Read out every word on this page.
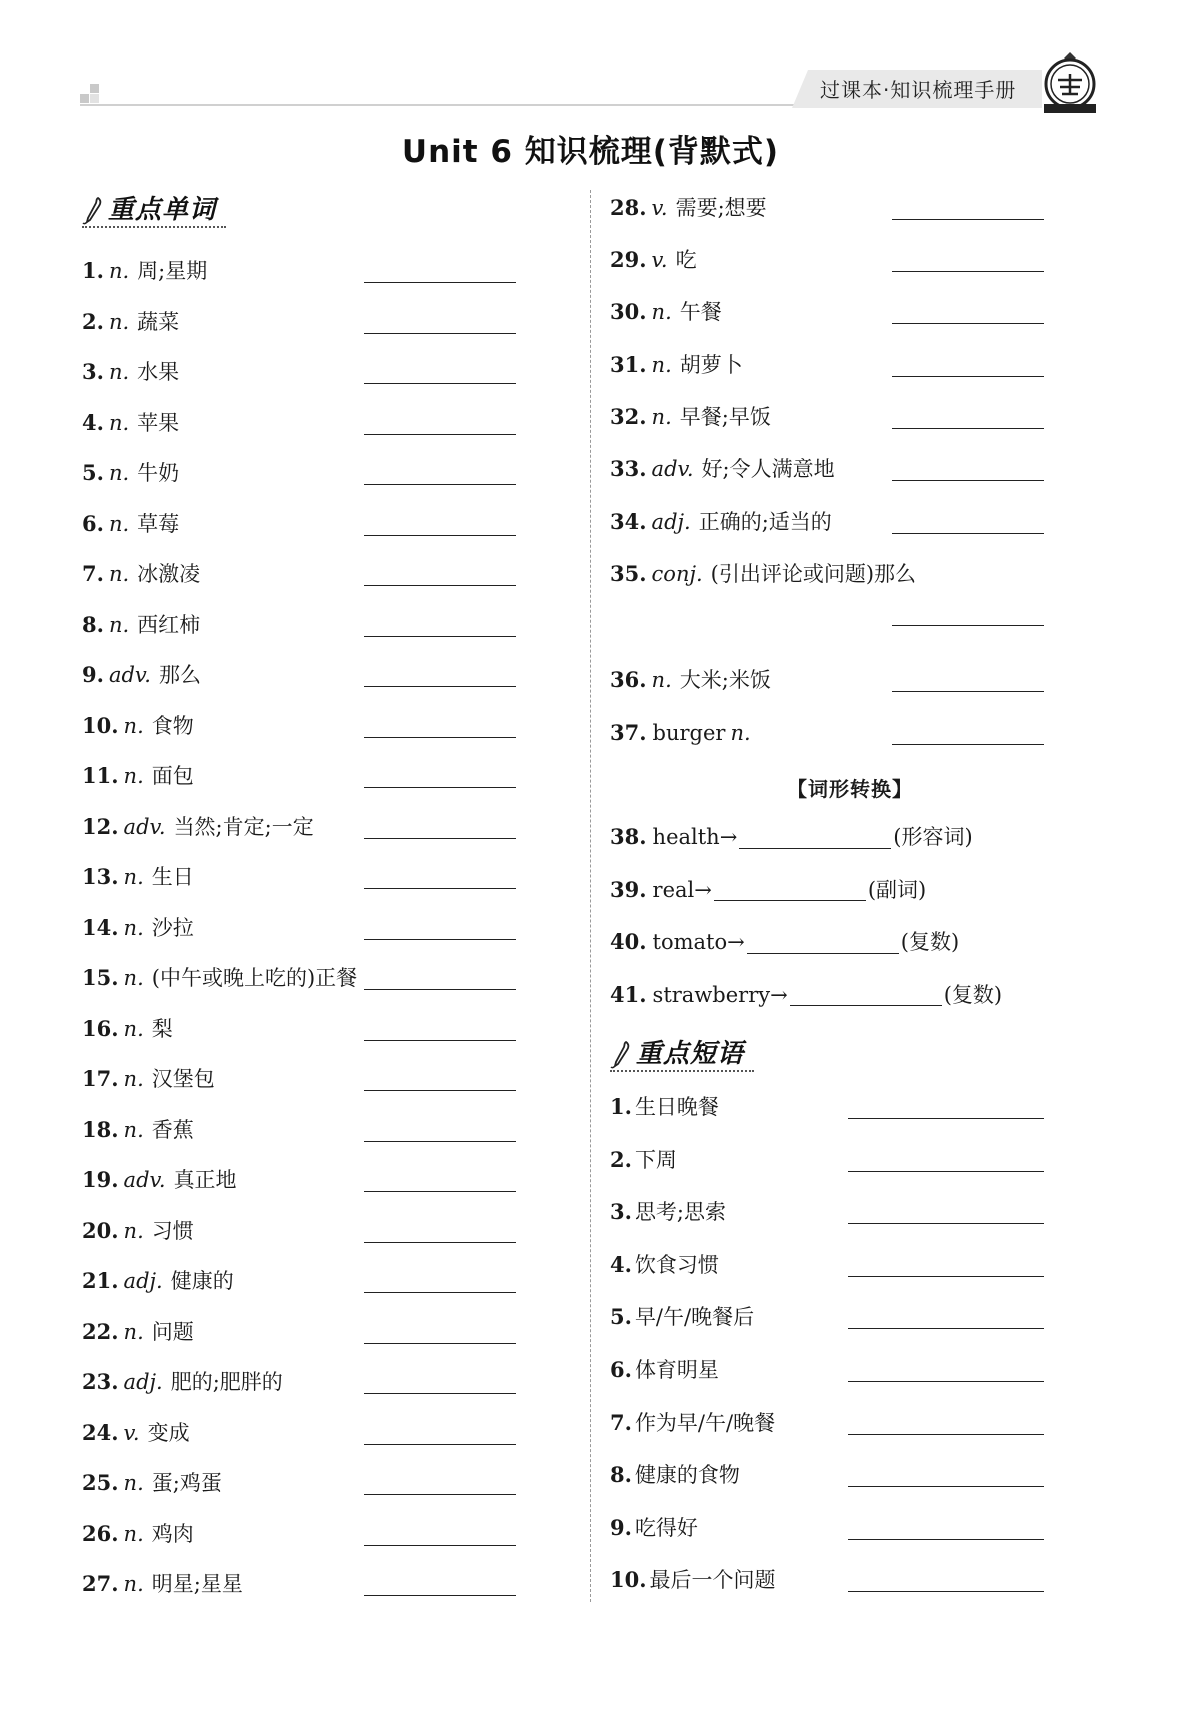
过课本·知识梳理手册
Unit 6 知识梳理(背默式)
重点单词
1. n. 周;星期
2. n. 蔬菜
3. n. 水果
4. n. 苹果
5. n. 牛奶
6. n. 草莓
7. n. 冰激凌
8. n. 西红柿
9. adv. 那么
10. n. 食物
11. n. 面包
12. adv. 当然;肯定;一定
13. n. 生日
14. n. 沙拉
15. n. (中午或晚上吃的)正餐
16. n. 梨
17. n. 汉堡包
18. n. 香蕉
19. adv. 真正地
20. n. 习惯
21. adj. 健康的
22. n. 问题
23. adj. 肥的;肥胖的
24. v. 变成
25. n. 蛋;鸡蛋
26. n. 鸡肉
27. n. 明星;星星
28. v. 需要;想要
29. v. 吃
30. n. 午餐
31. n. 胡萝卜
32. n. 早餐;早饭
33. adv. 好;令人满意地
34. adj. 正确的;适当的
35. conj. (引出评论或问题)那么
36. n. 大米;米饭
37. burger n.
【词形转换】
38. health→	(形容词)
39. real→	(副词)
40. tomato→	(复数)
41. strawberry→	(复数)
重点短语
1. 生日晚餐
2. 下周
3. 思考;思索
4. 饮食习惯
5. 早/午/晚餐后
6. 体育明星
7. 作为早/午/晚餐
8. 健康的食物
9. 吃得好
10. 最后一个问题
